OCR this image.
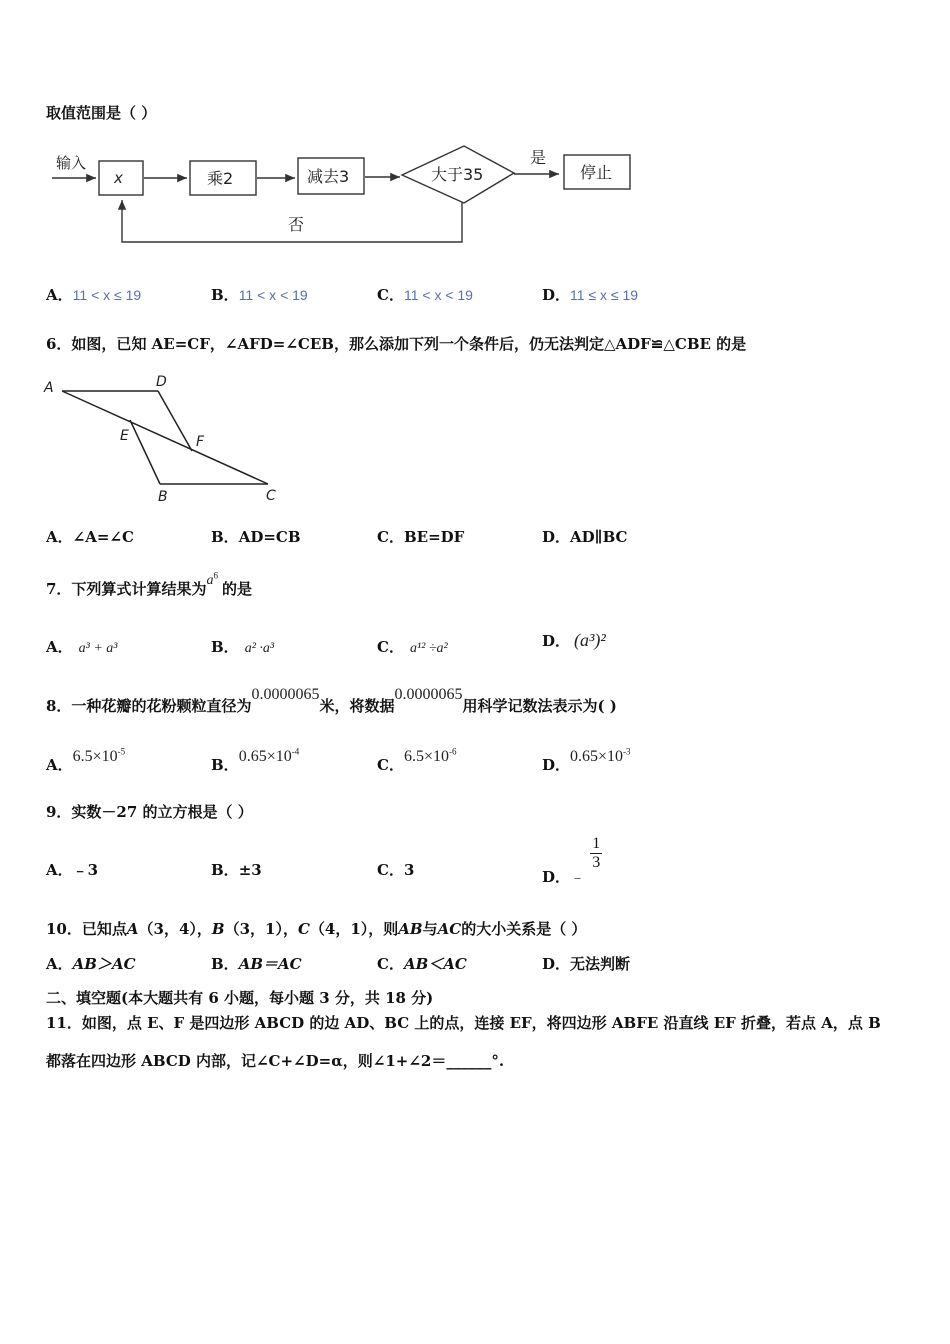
取值范围是（ ）
输入
x	乘2	减去3	大于35
是
停止
否
A．11 < x ≤ 19	B．11 < x < 19	C．11 < x < 19	D．11 ≤ x ≤ 19
6．如图，已知 AE=CF，∠AFD=∠CEB，那么添加下列一个条件后，仍无法判定△ADF≌△CBE 的是
A	D
E	F
B	C
A．∠A=∠C	B．AD=CB	C．BE=DF	D．AD∥BC
7．下列算式计算结果为$a^6$的是
A． a³ + a³	B． a² ·a³	C． a¹² ÷a²	D． (a³)²
8．一种花瓣的花粉颗粒直径为0.0000065米，将数据0.0000065用科学记数法表示为( )
A．$6.5\times 10^{-5}$
B．$0.65\times 10^{-4}$
C．$6.5\times 10^{-6}$
D．$0.65\times 10^{-3}$
9．实数－27 的立方根是（ ）
A．﹣3	B．±3	C．3	D．﹣
$\frac{1}{3}$
10．已知点A（3，4），B（3，1），C（4，1），则AB与AC的大小关系是（ ）
A．AB＞AC	B．AB＝AC	C．AB＜AC	D．无法判断
二、填空题(本大题共有 6 小题，每小题 3 分，共 18 分)
11．如图，点 E、F 是四边形 ABCD 的边 AD、BC 上的点，连接 EF，将四边形 ABFE 沿直线 EF 折叠，若点 A，点 B
都落在四边形 ABCD 内部，记∠C+∠D=α，则∠1+∠2＝______°.
